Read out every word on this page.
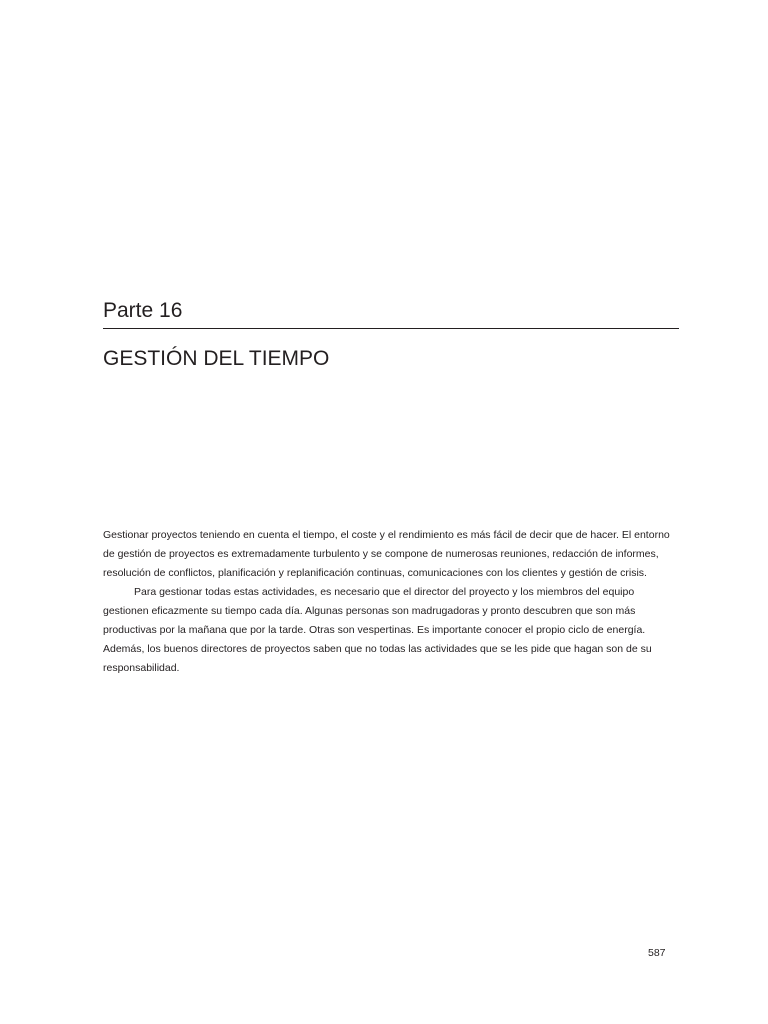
Parte 16
GESTIÓN DEL TIEMPO

Gestionar proyectos teniendo en cuenta el tiempo, el coste y el rendimiento es más fácil de decir que de hacer. El entorno de gestión de proyectos es extremadamente turbulento y se compone de numerosas reuniones, redacción de informes, resolución de conflictos, planificación y replanificación continuas, comunicaciones con los clientes y gestión de crisis.

Para gestionar todas estas actividades, es necesario que el director del proyecto y los miembros del equipo gestionen eficazmente su tiempo cada día. Algunas personas son madrugadoras y pronto descubren que son más productivas por la mañana que por la tarde. Otras son vespertinas. Es importante conocer el propio ciclo de energía. Además, los buenos directores de proyectos saben que no todas las actividades que se les pide que hagan son de su responsabilidad.

587
